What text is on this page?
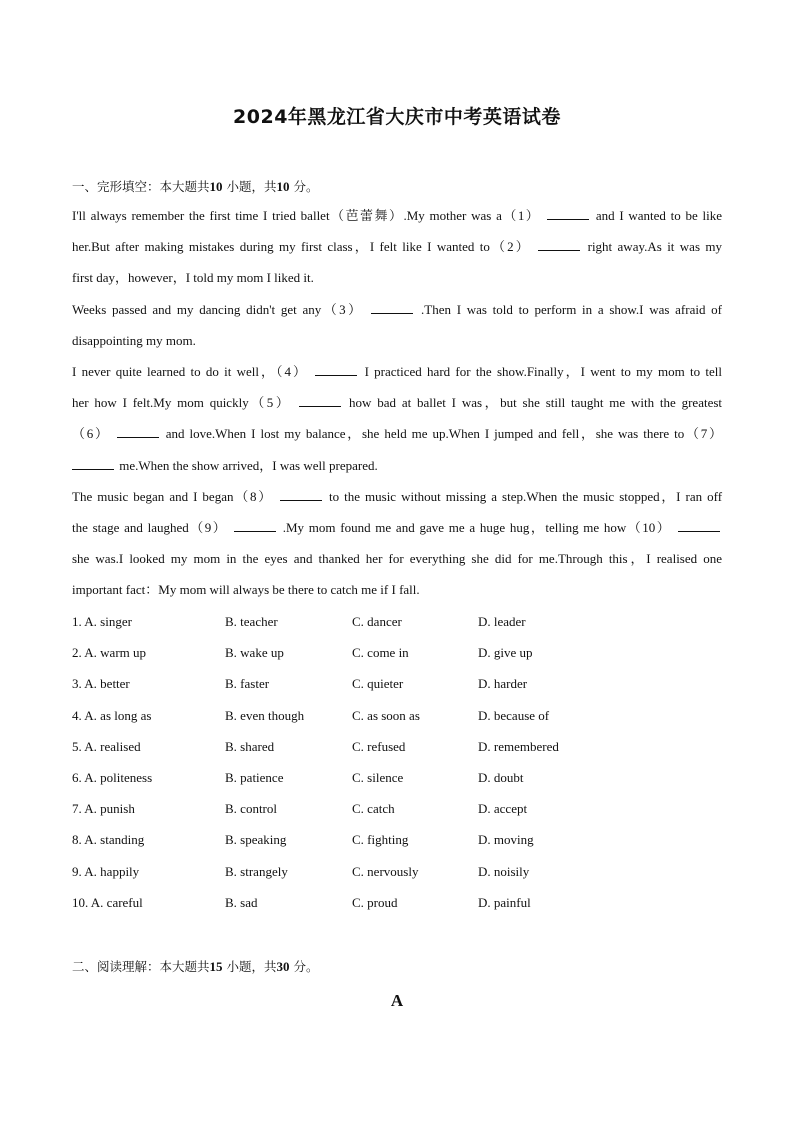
2024年黑龙江省大庆市中考英语试卷
一、完形填空：本大题共10 小题，共10 分。
I'll always remember the first time I tried ballet（芭蕾舞）.My mother was a（1）	and I wanted to be like
her.But after making mistakes during my first class，I felt like I wanted to（2）	right away.As it was my
first day，however，I told my mom I liked it.
Weeks passed and my dancing didn't get any（3）	.Then I was told to perform in a show.I was afraid of
disappointing my mom.
I never quite learned to do it well，（4）	I practiced hard for the show.Finally，I went to my mom to tell
her how I felt.My mom quickly（5）	how bad at ballet I was，but she still taught me with the greatest
（6）	and love.When I lost my balance，she held me up.When I jumped and fell，she was there to（7）
me.When the show arrived，I was well prepared.
The music began and I began（8）	to the music without missing a step.When the music stopped，I ran off
the stage and laughed（9）	.My mom found me and gave me a huge hug，telling me how（10）
she was.I looked my mom in the eyes and thanked her for everything she did for me.Through this，I realised one
important fact：My mom will always be there to catch me if I fall.
1. A. singer	B. teacher	C. dancer	D. leader
2. A. warm up	B. wake up	C. come in	D. give up
3. A. better	B. faster	C. quieter	D. harder
4. A. as long as	B. even though	C. as soon as	D. because of
5. A. realised	B. shared	C. refused	D. remembered
6. A. politeness	B. patience	C. silence	D. doubt
7. A. punish	B. control	C. catch	D. accept
8. A. standing	B. speaking	C. fighting	D. moving
9. A. happily	B. strangely	C. nervously	D. noisily
10. A. careful	B. sad	C. proud	D. painful
二、阅读理解：本大题共15 小题，共30 分。
A
